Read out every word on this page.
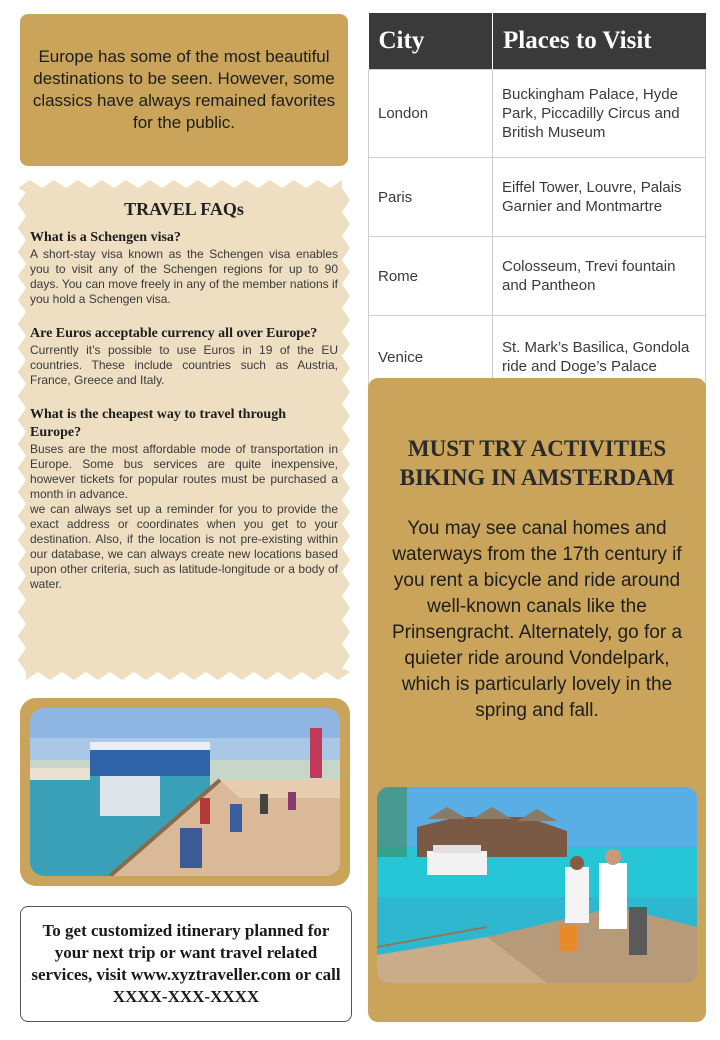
Europe has some of the most beautiful destinations to be seen. However, some classics have always remained favorites for the public.
TRAVEL FAQs

What is a Schengen visa?

A short-stay visa known as the Schengen visa enables you to visit any of the Schengen regions for up to 90 days. You can move freely in any of the member nations if you hold a Schengen visa.

Are Euros acceptable currency all over Europe?

Currently it’s possible to use Euros in 19 of the EU countries. These include countries such as Austria, France, Greece and Italy.

What is the cheapest way to travel through Europe?

Buses are the most affordable mode of transportation in Europe. Some bus services are quite inexpensive, however tickets for popular routes must be purchased a month in advance.

we can always set up a reminder for you to provide the exact address or coordinates when you get to your destination. Also, if the location is not pre-existing within our database, we can always create new locations based upon other criteria, such as latitude-longitude or a body of water.

To get customized itinerary planned for your next trip or want travel related services, visit www.xyztraveller.com or call XXXX-XXX-XXXX
City	Places to Visit
London	Buckingham Palace, Hyde Park, Piccadilly Circus and British Museum
Paris	Eiffel Tower, Louvre, Palais Garnier and Montmartre
Rome	Colosseum, Trevi fountain and Pantheon
Venice	St. Mark’s Basilica, Gondola ride and Doge’s Palace
MUST TRY ACTIVITIES
BIKING IN AMSTERDAM
You may see canal homes and waterways from the 17th century if you rent a bicycle and ride around well-known canals like the Prinsengracht. Alternately, go for a quieter ride around Vondelpark, which is particularly lovely in the spring and fall.
